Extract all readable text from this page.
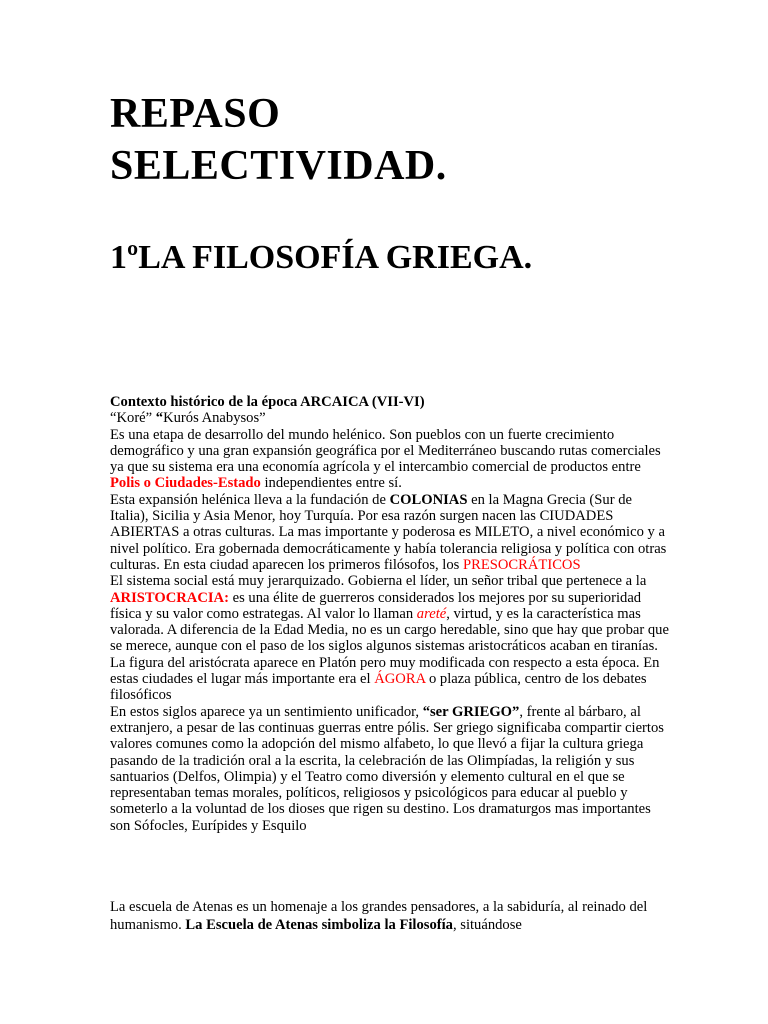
REPASO
SELECTIVIDAD.
1ºLA FILOSOFÍA GRIEGA.

Contexto histórico de la época ARCAICA (VII-VI)

“Koré” “Kurós Anabysos”

Es una etapa de desarrollo del mundo helénico. Son pueblos con un fuerte crecimiento demográfico y una gran expansión geográfica por el Mediterráneo buscando rutas comerciales ya que su sistema era una economía agrícola y el intercambio comercial de productos entre Polis o Ciudades-Estado independientes entre sí.

Esta expansión helénica lleva a la fundación de COLONIAS en la Magna Grecia (Sur de Italia), Sicilia y Asia Menor, hoy Turquía. Por esa razón surgen nacen las CIUDADES ABIERTAS a otras culturas. La mas importante y poderosa es MILETO, a nivel económico y a nivel político. Era gobernada democráticamente y había tolerancia religiosa y política con otras culturas. En esta ciudad aparecen los primeros filósofos, los PRESOCRÁTICOS

El sistema social está muy jerarquizado. Gobierna el líder, un señor tribal que pertenece a la ARISTOCRACIA: es una élite de guerreros considerados los mejores por su superioridad física y su valor como estrategas. Al valor lo llaman areté, virtud, y es la característica mas valorada. A diferencia de la Edad Media, no es un cargo heredable, sino que hay que probar que se merece, aunque con el paso de los siglos algunos sistemas aristocráticos acaban en tiranías. La figura del aristócrata aparece en Platón pero muy modificada con respecto a esta época. En estas ciudades el lugar más importante era el ÁGORA o plaza pública, centro de los debates filosóficos

En estos siglos aparece ya un sentimiento unificador, “ser GRIEGO”, frente al bárbaro, al extranjero, a pesar de las continuas guerras entre pólis. Ser griego significaba compartir ciertos valores comunes como la adopción del mismo alfabeto, lo que llevó a fijar la cultura griega pasando de la tradición oral a la escrita, la celebración de las Olimpíadas, la religión y sus santuarios (Delfos, Olimpia) y el Teatro como diversión y elemento cultural en el que se representaban temas morales, políticos, religiosos y psicológicos para educar al pueblo y someterlo a la voluntad de los dioses que rigen su destino. Los dramaturgos mas importantes son Sófocles, Eurípides y Esquilo

La escuela de Atenas es un homenaje a los grandes pensadores, a la sabiduría, al reinado del humanismo. La Escuela de Atenas simboliza la Filosofía, situándose
